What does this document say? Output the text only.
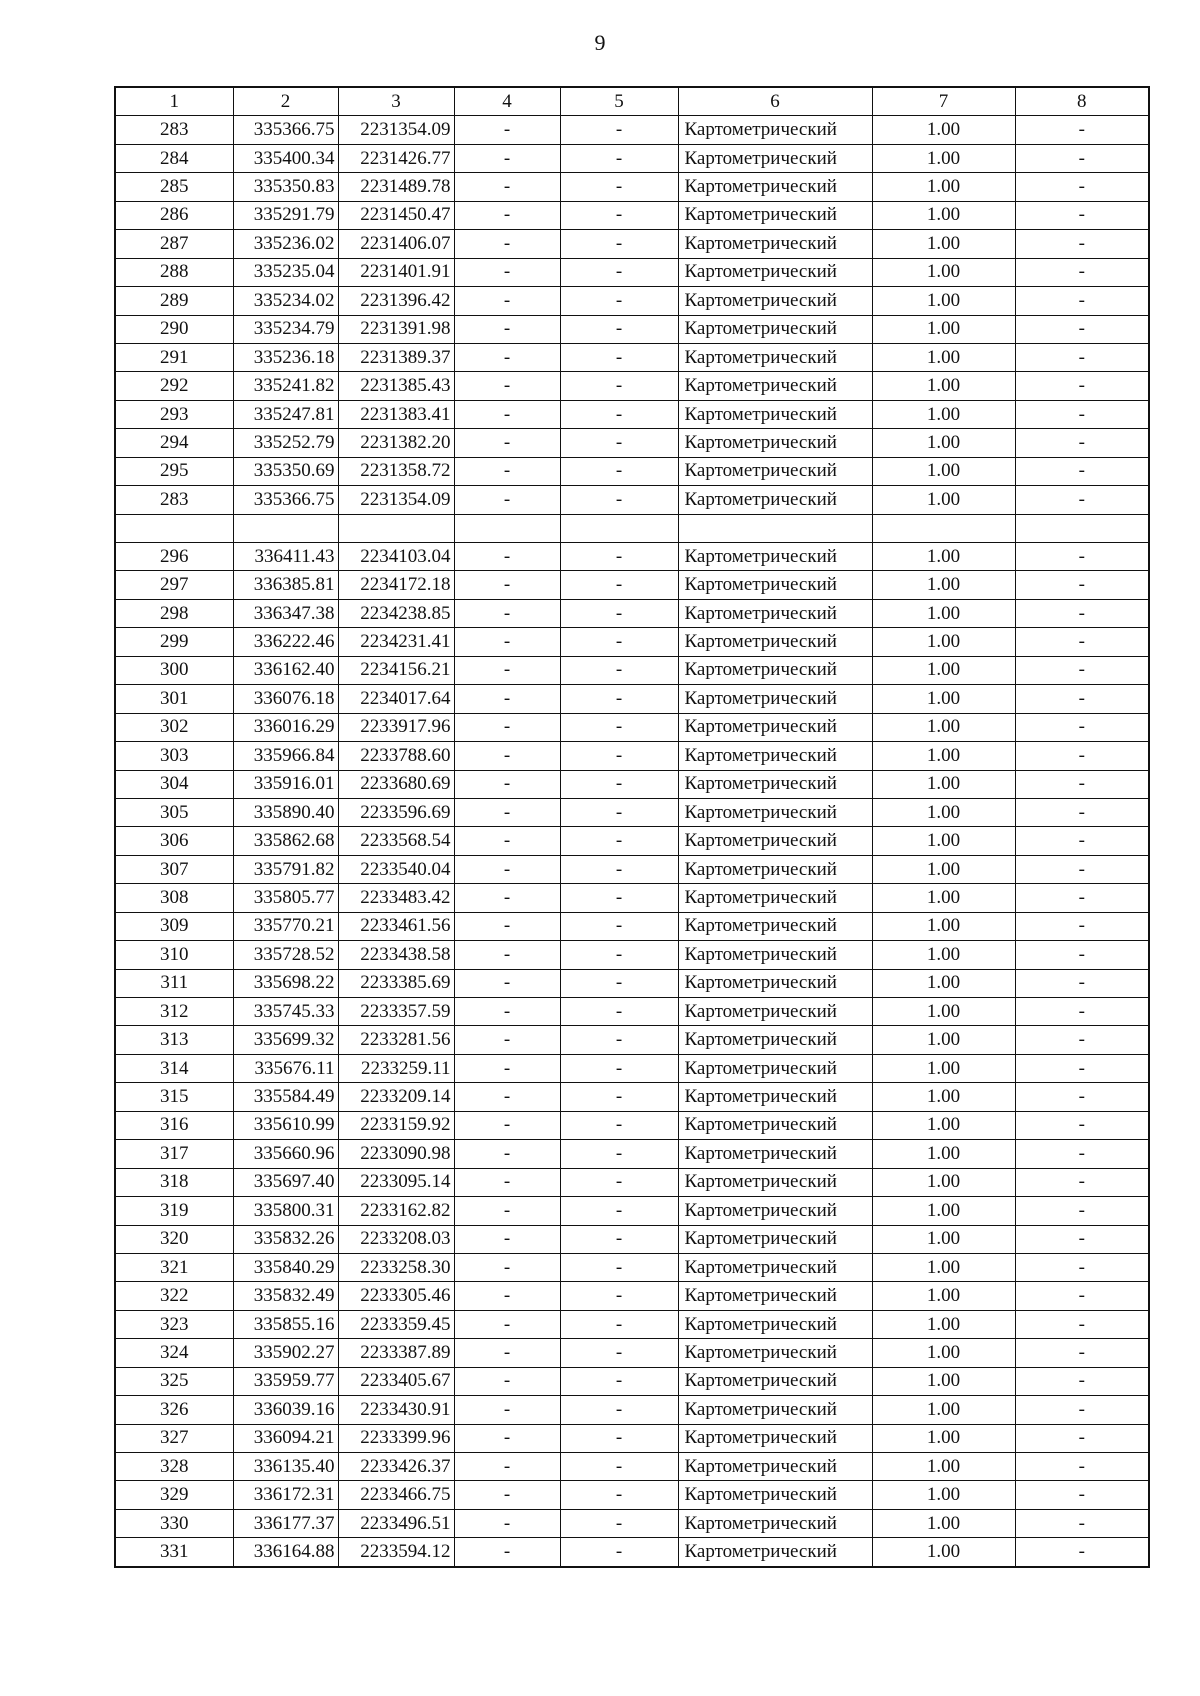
9
1	2	3	4	5	6	7	8
283	335366.75	2231354.09	-	-	Картометрический	1.00	-
284	335400.34	2231426.77	-	-	Картометрический	1.00	-
285	335350.83	2231489.78	-	-	Картометрический	1.00	-
286	335291.79	2231450.47	-	-	Картометрический	1.00	-
287	335236.02	2231406.07	-	-	Картометрический	1.00	-
288	335235.04	2231401.91	-	-	Картометрический	1.00	-
289	335234.02	2231396.42	-	-	Картометрический	1.00	-
290	335234.79	2231391.98	-	-	Картометрический	1.00	-
291	335236.18	2231389.37	-	-	Картометрический	1.00	-
292	335241.82	2231385.43	-	-	Картометрический	1.00	-
293	335247.81	2231383.41	-	-	Картометрический	1.00	-
294	335252.79	2231382.20	-	-	Картометрический	1.00	-
295	335350.69	2231358.72	-	-	Картометрический	1.00	-
283	335366.75	2231354.09	-	-	Картометрический	1.00	-

296	336411.43	2234103.04	-	-	Картометрический	1.00	-
297	336385.81	2234172.18	-	-	Картометрический	1.00	-
298	336347.38	2234238.85	-	-	Картометрический	1.00	-
299	336222.46	2234231.41	-	-	Картометрический	1.00	-
300	336162.40	2234156.21	-	-	Картометрический	1.00	-
301	336076.18	2234017.64	-	-	Картометрический	1.00	-
302	336016.29	2233917.96	-	-	Картометрический	1.00	-
303	335966.84	2233788.60	-	-	Картометрический	1.00	-
304	335916.01	2233680.69	-	-	Картометрический	1.00	-
305	335890.40	2233596.69	-	-	Картометрический	1.00	-
306	335862.68	2233568.54	-	-	Картометрический	1.00	-
307	335791.82	2233540.04	-	-	Картометрический	1.00	-
308	335805.77	2233483.42	-	-	Картометрический	1.00	-
309	335770.21	2233461.56	-	-	Картометрический	1.00	-
310	335728.52	2233438.58	-	-	Картометрический	1.00	-
311	335698.22	2233385.69	-	-	Картометрический	1.00	-
312	335745.33	2233357.59	-	-	Картометрический	1.00	-
313	335699.32	2233281.56	-	-	Картометрический	1.00	-
314	335676.11	2233259.11	-	-	Картометрический	1.00	-
315	335584.49	2233209.14	-	-	Картометрический	1.00	-
316	335610.99	2233159.92	-	-	Картометрический	1.00	-
317	335660.96	2233090.98	-	-	Картометрический	1.00	-
318	335697.40	2233095.14	-	-	Картометрический	1.00	-
319	335800.31	2233162.82	-	-	Картометрический	1.00	-
320	335832.26	2233208.03	-	-	Картометрический	1.00	-
321	335840.29	2233258.30	-	-	Картометрический	1.00	-
322	335832.49	2233305.46	-	-	Картометрический	1.00	-
323	335855.16	2233359.45	-	-	Картометрический	1.00	-
324	335902.27	2233387.89	-	-	Картометрический	1.00	-
325	335959.77	2233405.67	-	-	Картометрический	1.00	-
326	336039.16	2233430.91	-	-	Картометрический	1.00	-
327	336094.21	2233399.96	-	-	Картометрический	1.00	-
328	336135.40	2233426.37	-	-	Картометрический	1.00	-
329	336172.31	2233466.75	-	-	Картометрический	1.00	-
330	336177.37	2233496.51	-	-	Картометрический	1.00	-
331	336164.88	2233594.12	-	-	Картометрический	1.00	-
